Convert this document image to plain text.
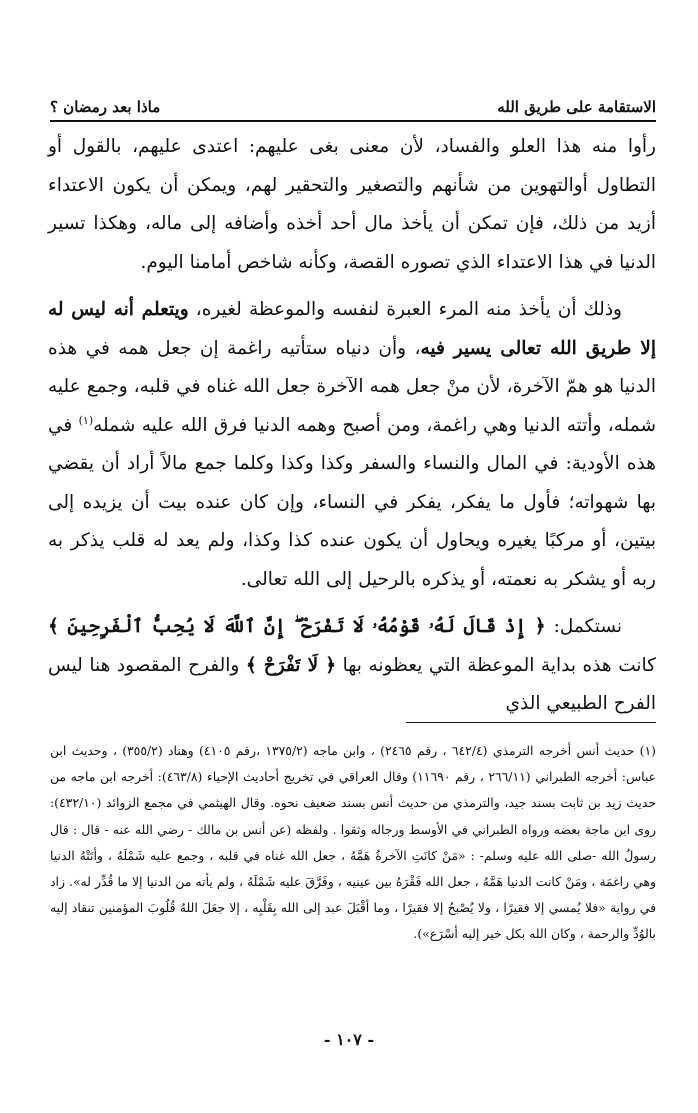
الاستقامة على طريق الله
ماذا بعد رمضان ؟

رأوا منه هذا العلو والفساد، لأن معنى بغى عليهم: اعتدى عليهم، بالقول أو التطاول أوالتهوين من شأنهم والتصغير والتحقير لهم، ويمكن أن يكون الاعتداء أزيد من ذلك، فإن تمكن أن يأخذ مال أحد أخذه وأضافه إلى ماله، وهكذا تسير الدنيا في هذا الاعتداء الذي تصوره القصة، وكأنه شاخص أمامنا اليوم.

وذلك أن يأخذ منه المرء العبرة لنفسه والموعظة لغيره، ويتعلم أنه ليس له إلا طريق الله تعالى يسير فيه، وأن دنياه ستأتيه راغمة إن جعل همه في هذه الدنيا هو همّ الآخرة، لأن منْ جعل همه الآخرة جعل الله غناه في قلبه، وجمع عليه شمله، وأتته الدنيا وهي راغمة، ومن أصبح وهمه الدنيا فرق الله عليه شمله$^{(١)}$ في هذه الأودية: في المال والنساء والسفر وكذا وكذا وكلما جمع مالاً أراد أن يقضي بها شهواته؛ فأول ما يفكر، يفكر في النساء، وإن كان عنده بيت أن يزيده إلى بيتين، أو مركبًا يغيره ويحاول أن يكون عنده كذا وكذا، ولم يعد له قلب يذكر به ربه أو يشكر به نعمته، أو يذكره بالرحيل إلى الله تعالى.

نستكمل: ﴿ إِذْ قَالَ لَهُۥ قَوْمُهُۥ لَا تَفْرَحْ ۖ إِنَّ ٱللَّهَ لَا يُحِبُّ ٱلْفَرِحِينَ ﴾ كانت هذه بداية الموعظة التي يعظونه بها ﴿ لَا تَفْرَحْ ﴾ والفرح المقصود هنا ليس الفرح الطبيعي الذي

(١) حديث أنس أخرجه الترمذي (٦٤٢/٤ ، رقم ٢٤٦٥) ، وابن ماجه (١٣٧٥/٢ ،رقم ٤١٠٥) وهناد (٣٥٥/٢) ، وحديث ابن عباس: أخرجه الطبراني (٢٦٦/١١ ، رقم ١١٦٩٠) وقال العراقي في تخريج أحاديث الإحياء (٤٦٣/٨): أخرجه ابن ماجه من حديث زيد بن ثابت بسند جيد، والترمذي من حديث أنس بسند ضعيف نحوه. وقال الهيثمي في مجمع الزوائد (٤٣٢/١٠): روى ابن ماجة بعضه ورواه الطبراني في الأوسط ورجاله وثقوا . ولفظه (عن أنس بن مالك - رضي الله عنه - قال : قال رسولُ الله -صلى الله عليه وسلم- : «مَنْ كانَتِ الآخرةُ هَمَّهُ ، جعل الله غناه في قلبه ، وجمع عليه شَمْلَهُ ، وأتَتْهُ الدنيا وهي راغمَة ، ومَنْ كانت الدنيا هَمَّهُ ، جعل الله فَقْرَهُ بين عينيه ، وفَرَّقَ عليه شَمْلَهُ ، ولم يأته من الدنيا إلا ما قُدِّر له». زاد في رواية «فلا يُمسي إلا فقيرًا ، ولا يُصْبحُ إلا فقيرًا ، وما أقْبَلَ عبد إلى الله بِقَلْبِه ، إلا جعَلَ اللهُ قُلُوبَ المؤمنين تنقاد إليه بالوُدِّ والرحمة ، وكان الله بكل خير إليه أسْرَع»).

- ١٠٧ -
